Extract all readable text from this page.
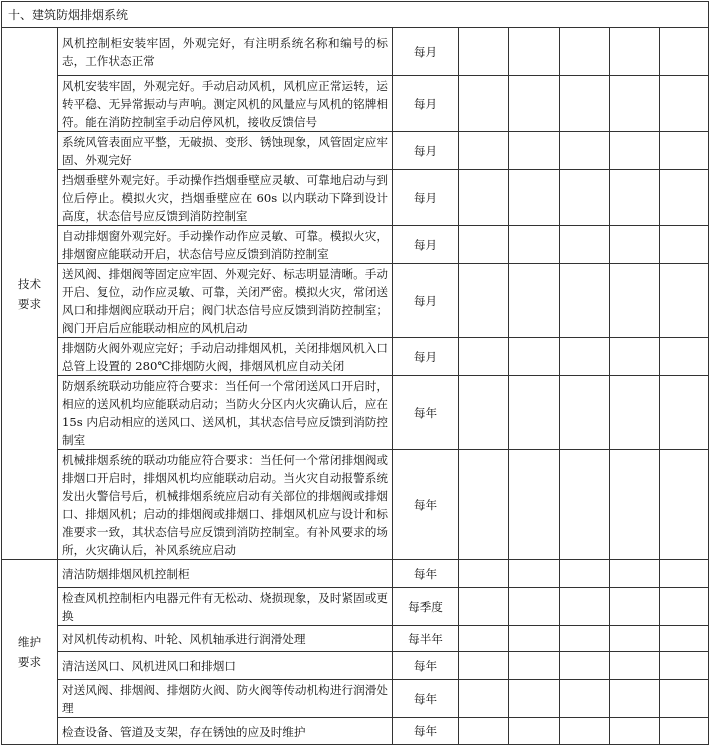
十、建筑防烟排烟系统							

技术
要求	风机控制柜安装牢固，外观完好，有注明系统名称和编号的标志，工作状态正常	每月					
	风机安装牢固，外观完好。手动启动风机，风机应正常运转，运转平稳、无异常振动与声响。测定风机的风量应与风机的铭牌相符。能在消防控制室手动启停风机，接收反馈信号	每月					
	系统风管表面应平整，无破损、变形、锈蚀现象，风管固定应牢固、外观完好	每月					
	挡烟垂壁外观完好。手动操作挡烟垂壁应灵敏、可靠地启动与到位后停止。模拟火灾，挡烟垂壁应在 60s 以内联动下降到设计高度，状态信号应反馈到消防控制室	每月					
	自动排烟窗外观完好。手动操作动作应灵敏、可靠。模拟火灾，排烟窗应能联动开启，状态信号应反馈到消防控制室	每月					
	送风阀、排烟阀等固定应牢固、外观完好、标志明显清晰。手动开启、复位，动作应灵敏、可靠，关闭严密。模拟火灾，常闭送风口和排烟阀应联动开启；阀门状态信号应反馈到消防控制室；阀门开启后应能联动相应的风机启动	每月					
	排烟防火阀外观应完好；手动启动排烟风机，关闭排烟风机入口总管上设置的 280℃排烟防火阀，排烟风机应自动关闭	每月					
	防烟系统联动功能应符合要求：当任何一个常闭送风口开启时，相应的送风机均应能联动启动；当防火分区内火灾确认后，应在 15s 内启动相应的送风口、送风机，其状态信号应反馈到消防控制室	每年					
	机械排烟系统的联动功能应符合要求：当任何一个常闭排烟阀或排烟口开启时，排烟风机均应能联动启动。当火灾自动报警系统发出火警信号后，机械排烟系统应启动有关部位的排烟阀或排烟口、排烟风机；启动的排烟阀或排烟口、排烟风机应与设计和标准要求一致，其状态信号应反馈到消防控制室。有补风要求的场所，火灾确认后，补风系统应启动	每年					

维护
要求	清洁防烟排烟风机控制柜	每年					
	检查风机控制柜内电器元件有无松动、烧损现象，及时紧固或更换	每季度					
	对风机传动机构、叶轮、风机轴承进行润滑处理	每半年					
	清洁送风口、风机进风口和排烟口	每年					
	对送风阀、排烟阀、排烟防火阀、防火阀等传动机构进行润滑处理	每年					
	检查设备、管道及支架，存在锈蚀的应及时维护	每年					
